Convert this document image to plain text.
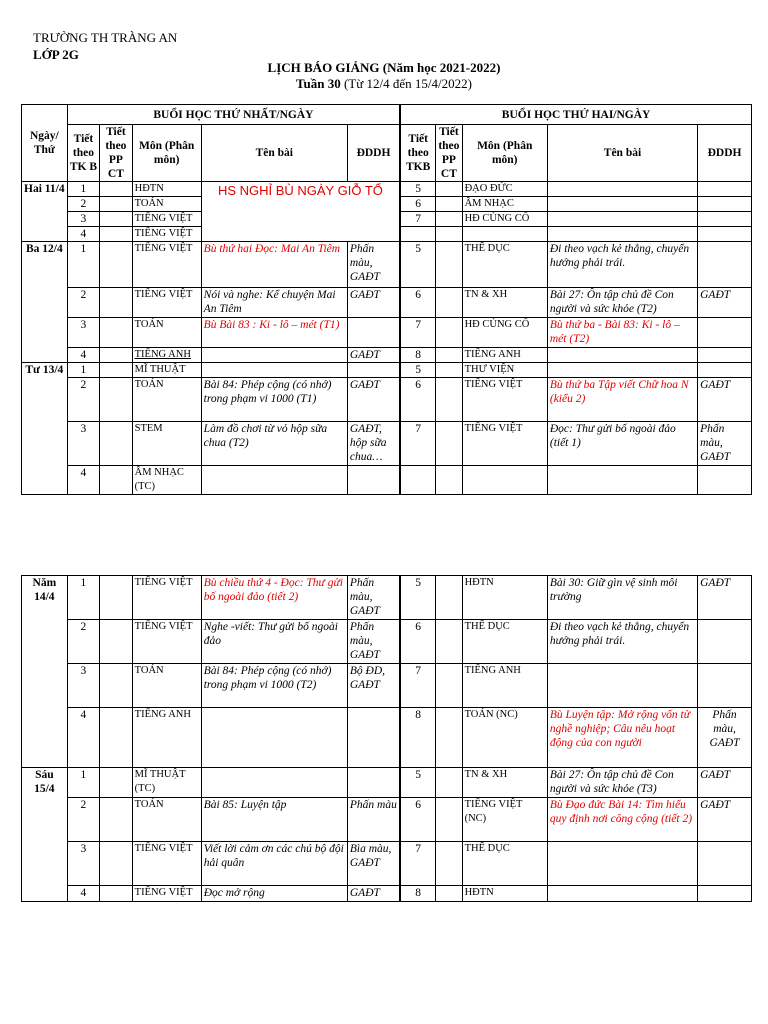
TRƯỜNG TH TRÀNG AN
LỚP 2G
LỊCH BÁO GIẢNG (Năm học 2021-2022)
Tuần 30 (Từ 12/4 đến 15/4/2022)
Ngày/ Thứ	BUỔI HỌC THỨ NHẤT/NGÀY					BUỔI HỌC THỨ HAI/NGÀY				
	Tiết theo TK B	Tiết theo PP CT	Môn (Phân môn)	Tên bài	ĐDDH	Tiết theo TKB	Tiết theo PP CT	Môn (Phân môn)	Tên bài	ĐDDH
Hai 11/4	1		HĐTN	HS NGHỈ BÙ NGÀY GIỖ TỔ		5		ĐẠO ĐỨC		
	2		TOÁN			6		ÂM NHẠC		
	3		TIẾNG VIỆT			7		HĐ CỦNG CỐ		
	4		TIẾNG VIỆT							
Ba 12/4	1		TIẾNG VIỆT	Bù thứ hai Đọc: Mai An Tiêm	Phấn màu, GAĐT	5		THỂ DỤC	Đi theo vạch kẻ thẳng, chuyển hướng phải trái.	
	2		TIẾNG VIỆT	Nói và nghe: Kể chuyện Mai An Tiêm	GAĐT	6		TN & XH	Bài 27: Ôn tập chủ đề Con người và sức khỏe (T2)	GAĐT
	3		TOÁN	Bù Bài 83 : Ki - lô – mét (T1)		7		HĐ CỦNG CỐ	Bù thứ ba - Bài 83: Ki - lô – mét (T2)	
	4		TIẾNG ANH		GAĐT	8		TIẾNG ANH		
Tư 13/4	1		MĨ THUẬT			5		THƯ VIỆN		
	2		TOÁN	Bài 84: Phép cộng (có nhớ) trong phạm vi 1000 (T1)	GAĐT	6		TIẾNG VIỆT	Bù thứ ba Tập viết Chữ hoa N (kiểu 2)	GAĐT
	3		STEM	Làm đồ chơi từ vỏ hộp sữa chua (T2)	GAĐT, hộp sữa chua…	7		TIẾNG VIỆT	Đọc: Thư gửi bố ngoài đảo (tiết 1)	Phấn màu, GAĐT
	4		ÂM NHẠC (TC)							
Năm 14/4	1		TIẾNG VIỆT	Bù chiều thứ 4 - Đọc: Thư gửi bố ngoài đảo (tiết 2)	Phấn màu, GAĐT	5		HĐTN	Bài 30: Giữ gìn vệ sinh môi trường	GAĐT
	2		TIẾNG VIỆT	Nghe -viết: Thư gửi bố ngoài đảo	Phấn màu, GAĐT	6		THỂ DỤC	Đi theo vạch kẻ thẳng, chuyển hướng phải trái.	
	3		TOÁN	Bài 84: Phép cộng (có nhớ) trong phạm vi 1000 (T2)	Bộ ĐD, GAĐT	7		TIẾNG ANH		
	4		TIẾNG ANH			8		TOÁN (NC)	Bù Luyện tập: Mở rộng vốn từ nghề nghiệp; Câu nêu hoạt động của con người	Phấn màu, GAĐT
Sáu 15/4	1		MĨ THUẬT (TC)			5		TN & XH	Bài 27: Ôn tập chủ đề Con người và sức khỏe (T3)	GAĐT
	2		TOÁN	Bài 85: Luyện tập	Phấn màu	6		TIẾNG VIỆT (NC)	Bù Đạo đức Bài 14: Tìm hiểu quy định nơi công cộng (tiết 2)	GAĐT
	3		TIẾNG VIỆT	Viết lời cảm ơn các chú bộ đội hải quân	Bìa màu, GAĐT	7		THỂ DỤC		
	4		TIẾNG VIỆT	Đọc mở rộng	GAĐT	8		HĐTN		
